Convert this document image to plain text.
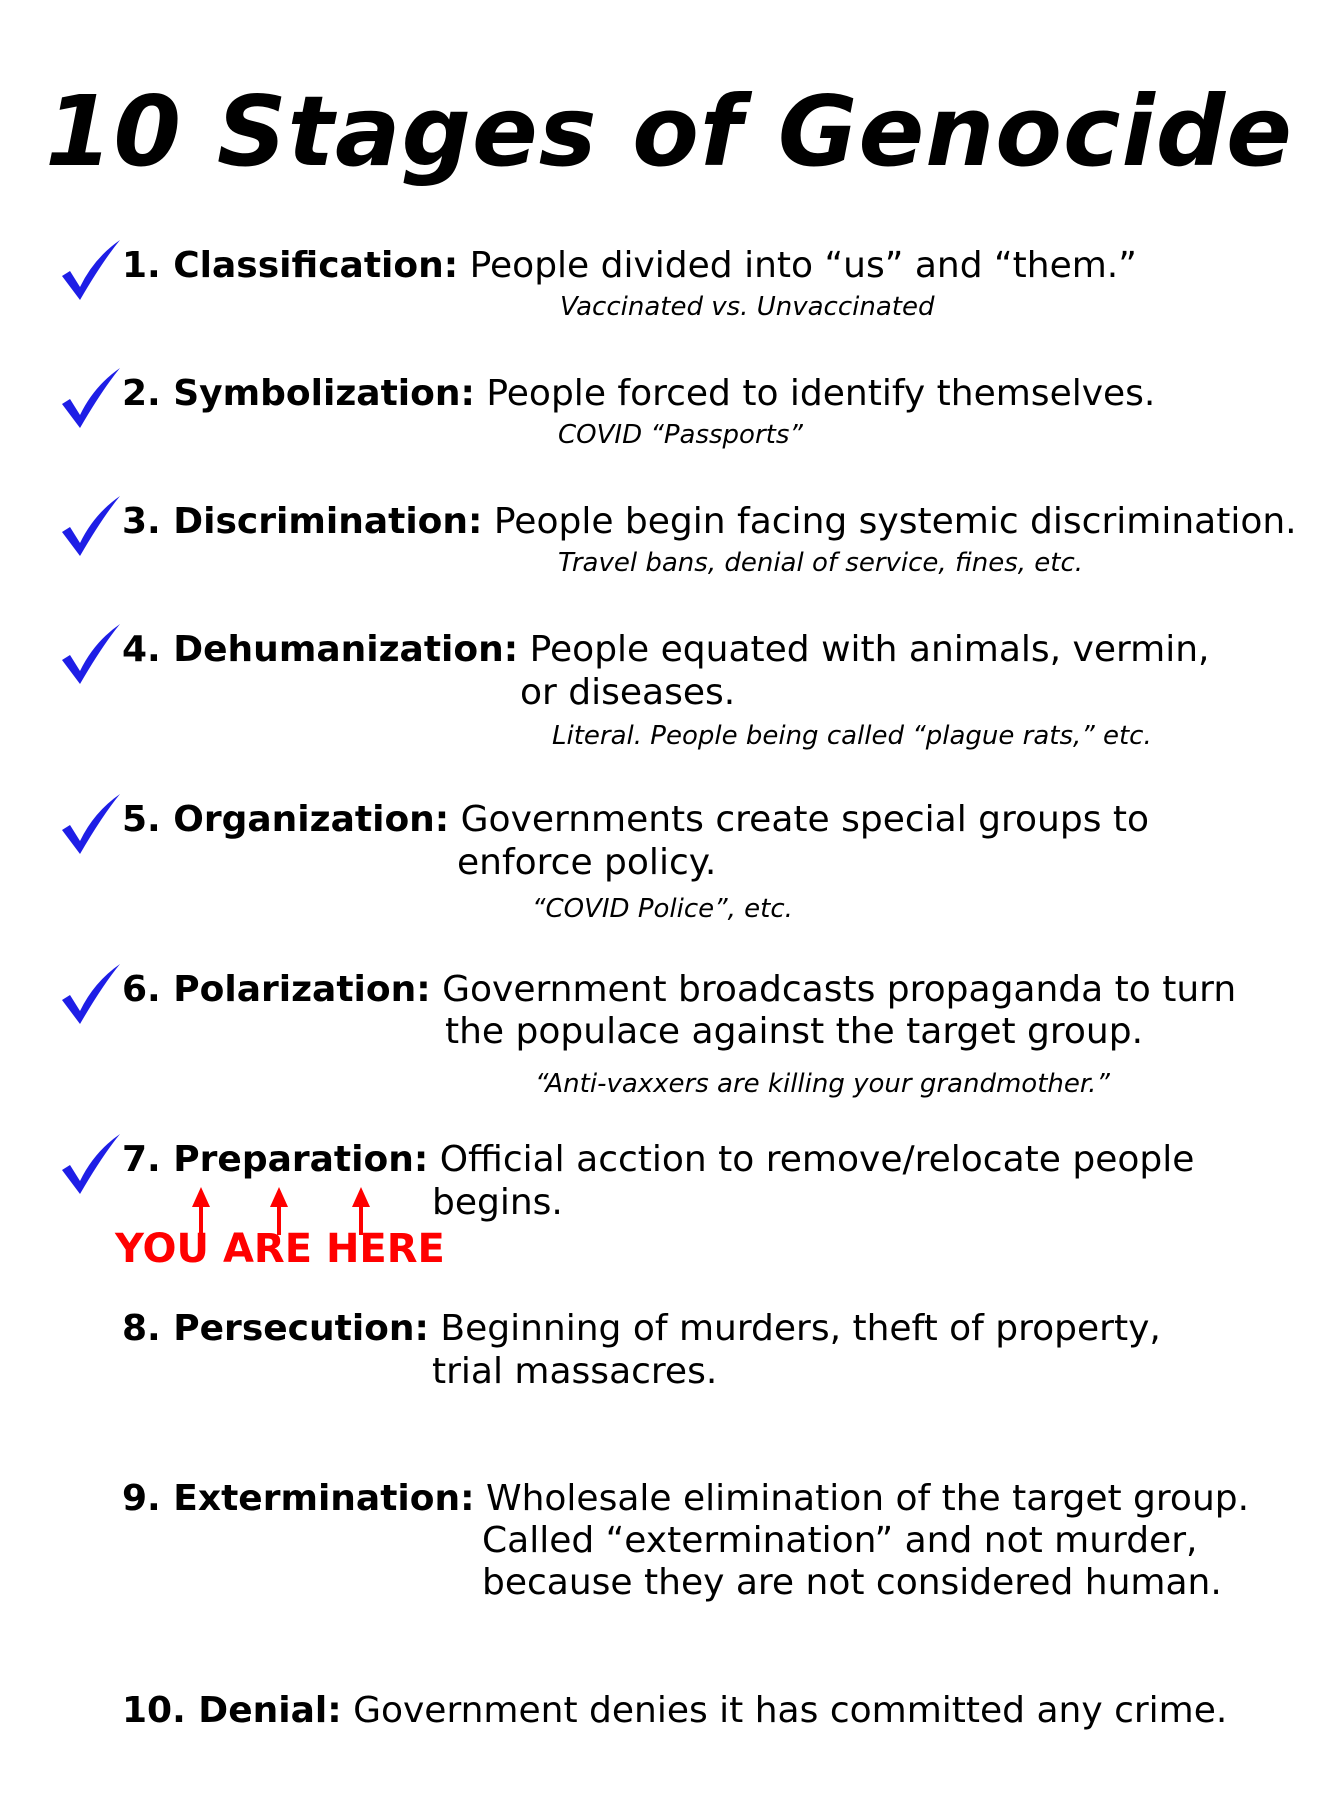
10 Stages of Genocide
1. Classification: People divided into “us” and “them.”
Vaccinated vs. Unvaccinated
2. Symbolization: People forced to identify themselves.
COVID “Passports”
3. Discrimination: People begin facing systemic discrimination.
Travel bans, denial of service, fines, etc.
4. Dehumanization: People equated with animals, vermin,
or diseases.
Literal. People being called “plague rats,” etc.
5. Organization: Governments create special groups to
enforce policy.
“COVID Police”, etc.
6. Polarization: Government broadcasts propaganda to turn
the populace against the target group.
“Anti-vaxxers are killing your grandmother.”
7. Preparation: Official acction to remove/relocate people
begins.
YOU ARE HERE
8. Persecution: Beginning of murders, theft of property,
trial massacres.
9. Extermination: Wholesale elimination of the target group.
Called “extermination” and not murder,
because they are not considered human.
10. Denial: Government denies it has committed any crime.
